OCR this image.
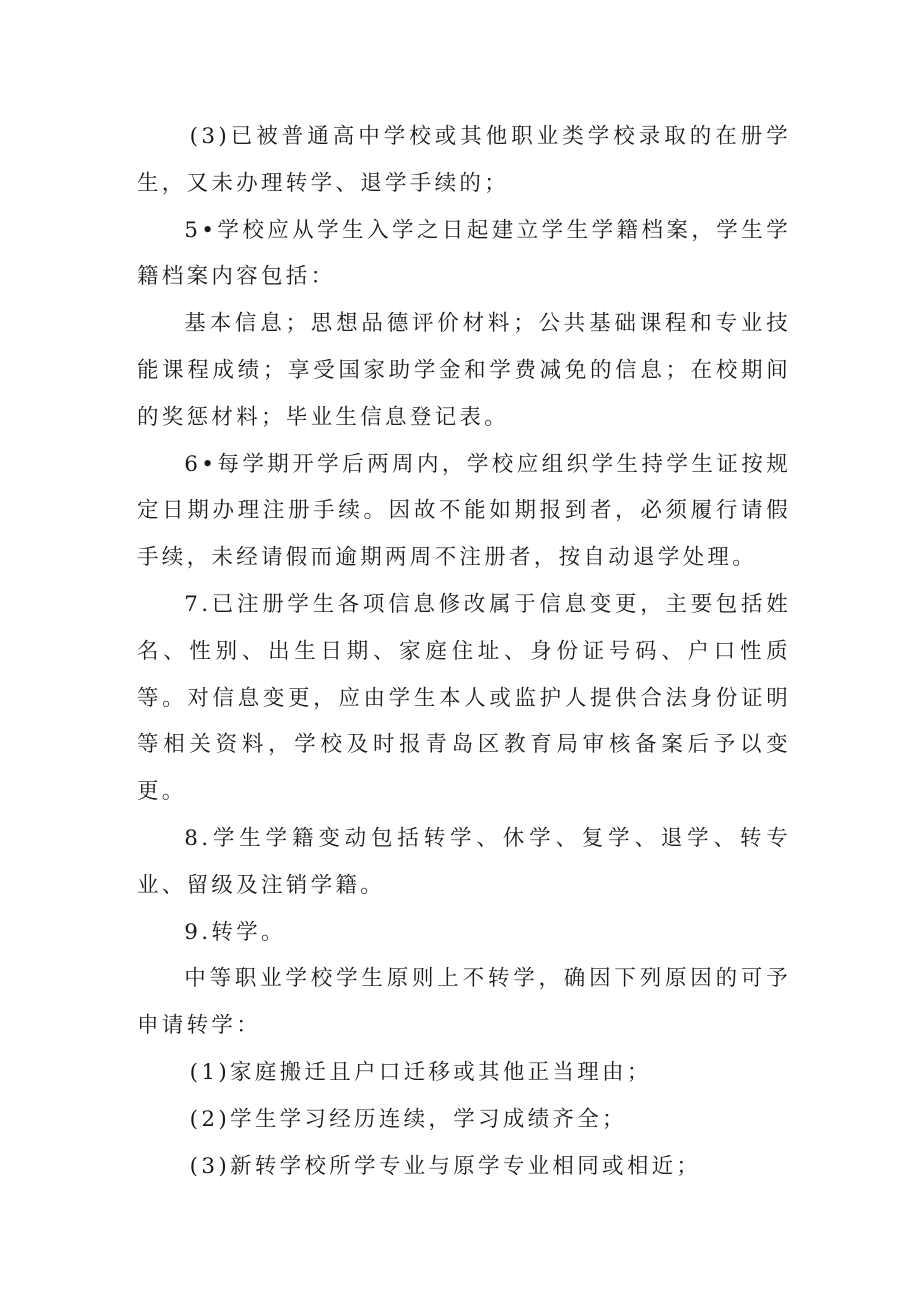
(3)已被普通高中学校或其他职业类学校录取的在册学生，又未办理转学、退学手续的；

5•学校应从学生入学之日起建立学生学籍档案，学生学籍档案内容包括：

基本信息；思想品德评价材料；公共基础课程和专业技能课程成绩；享受国家助学金和学费减免的信息；在校期间的奖惩材料；毕业生信息登记表。

6•每学期开学后两周内，学校应组织学生持学生证按规定日期办理注册手续。因故不能如期报到者，必须履行请假手续，未经请假而逾期两周不注册者，按自动退学处理。

7.已注册学生各项信息修改属于信息变更，主要包括姓名、性别、出生日期、家庭住址、身份证号码、户口性质等。对信息变更，应由学生本人或监护人提供合法身份证明等相关资料，学校及时报青岛区教育局审核备案后予以变更。

8.学生学籍变动包括转学、休学、复学、退学、转专业、留级及注销学籍。

9.转学。

中等职业学校学生原则上不转学，确因下列原因的可予申请转学：

(1)家庭搬迁且户口迁移或其他正当理由；

(2)学生学习经历连续，学习成绩齐全；

(3)新转学校所学专业与原学专业相同或相近；
